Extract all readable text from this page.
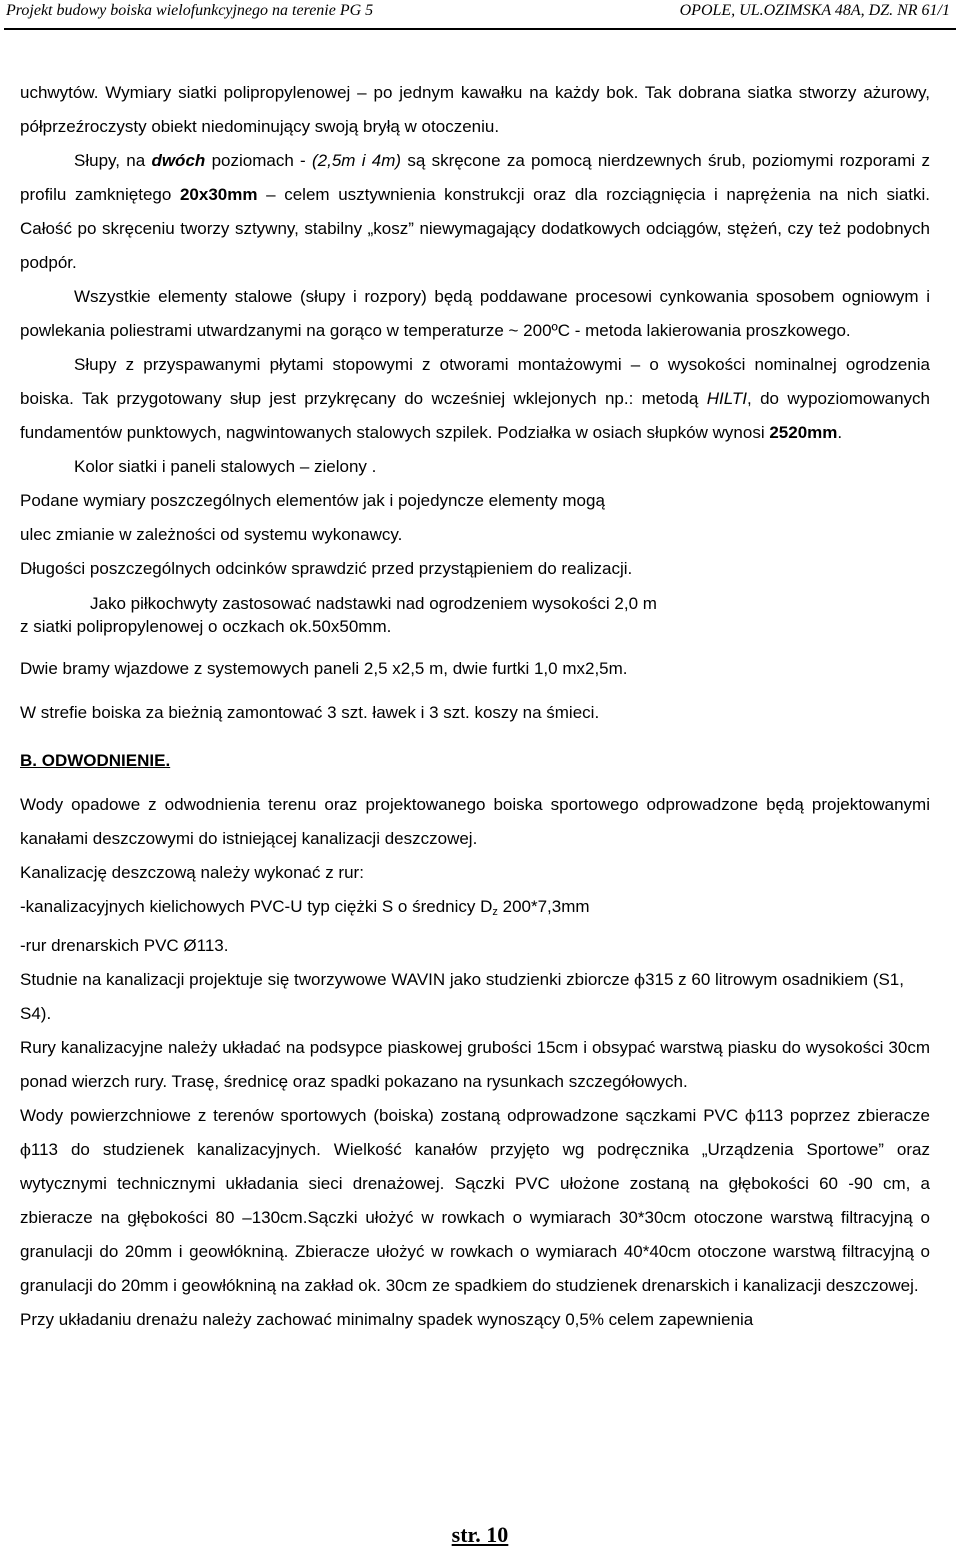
Projekt budowy boiska wielofunkcyjnego na terenie PG 5	OPOLE, UL.OZIMSKA 48A, DZ. NR 61/1

uchwytów. Wymiary siatki polipropylenowej – po jednym kawałku na każdy bok. Tak dobrana siatka stworzy ażurowy, półprzeźroczysty obiekt niedominujący swoją bryłą w otoczeniu.

Słupy, na dwóch poziomach - (2,5m i 4m) są skręcone za pomocą nierdzewnych śrub, poziomymi rozporami z profilu zamkniętego 20x30mm – celem usztywnienia konstrukcji oraz dla rozciągnięcia i naprężenia na nich siatki. Całość po skręceniu tworzy sztywny, stabilny „kosz” niewymagający dodatkowych odciągów, stężeń, czy też podobnych podpór.

Wszystkie elementy stalowe (słupy i rozpory) będą poddawane procesowi cynkowania sposobem ogniowym i powlekania poliestrami utwardzanymi na gorąco w temperaturze ~ 200ºC - metoda lakierowania proszkowego.

Słupy z przyspawanymi płytami stopowymi z otworami montażowymi – o wysokości nominalnej ogrodzenia boiska. Tak przygotowany słup jest przykręcany do wcześniej wklejonych np.: metodą HILTI, do wypoziomowanych fundamentów punktowych, nagwintowanych stalowych szpilek. Podziałka w osiach słupków wynosi 2520mm.

Kolor siatki i paneli stalowych – zielony .

Podane wymiary poszczególnych elementów jak i pojedyncze elementy mogą

ulec zmianie w zależności od systemu wykonawcy.

Długości poszczególnych odcinków sprawdzić przed przystąpieniem do realizacji.

Jako piłkochwyty zastosować nadstawki nad ogrodzeniem wysokości 2,0 m

z siatki polipropylenowej o oczkach ok.50x50mm.

Dwie bramy wjazdowe z systemowych paneli 2,5 x2,5 m, dwie furtki 1,0 mx2,5m.

W strefie boiska za bieżnią zamontować 3 szt. ławek i 3 szt. koszy na śmieci.

B. ODWODNIENIE.

Wody opadowe z odwodnienia terenu oraz projektowanego boiska sportowego odprowadzone będą projektowanymi kanałami deszczowymi do istniejącej kanalizacji deszczowej.

Kanalizację deszczową należy wykonać z rur:

-kanalizacyjnych kielichowych PVC-U typ ciężki S o średnicy $D_z$ 200*7,3mm

-rur drenarskich PVC Ø113.

Studnie na kanalizacji projektuje się tworzywowe WAVIN jako studzienki zbiorcze ϕ315 z 60 litrowym osadnikiem (S1, S4).

Rury kanalizacyjne należy układać na podsypce piaskowej grubości 15cm i obsypać warstwą piasku do wysokości 30cm ponad wierzch rury. Trasę, średnicę oraz spadki pokazano na rysunkach szczegółowych.

Wody powierzchniowe z terenów sportowych (boiska) zostaną odprowadzone sączkami PVC ϕ113 poprzez zbieracze ϕ113 do studzienek kanalizacyjnych. Wielkość kanałów przyjęto wg podręcznika „Urządzenia Sportowe” oraz wytycznymi technicznymi układania sieci drenażowej. Sączki PVC ułożone zostaną na głębokości 60 -90 cm, a zbieracze na głębokości 80 –130cm.Sączki ułożyć w rowkach o wymiarach 30*30cm otoczone warstwą filtracyjną o granulacji do 20mm i geowłókniną. Zbieracze ułożyć w rowkach o wymiarach 40*40cm otoczone warstwą filtracyjną o granulacji do 20mm i geowłókniną na zakład ok. 30cm ze spadkiem do studzienek drenarskich i kanalizacji deszczowej.

Przy układaniu drenażu należy zachować minimalny spadek wynoszący 0,5% celem zapewnienia

str. 10
